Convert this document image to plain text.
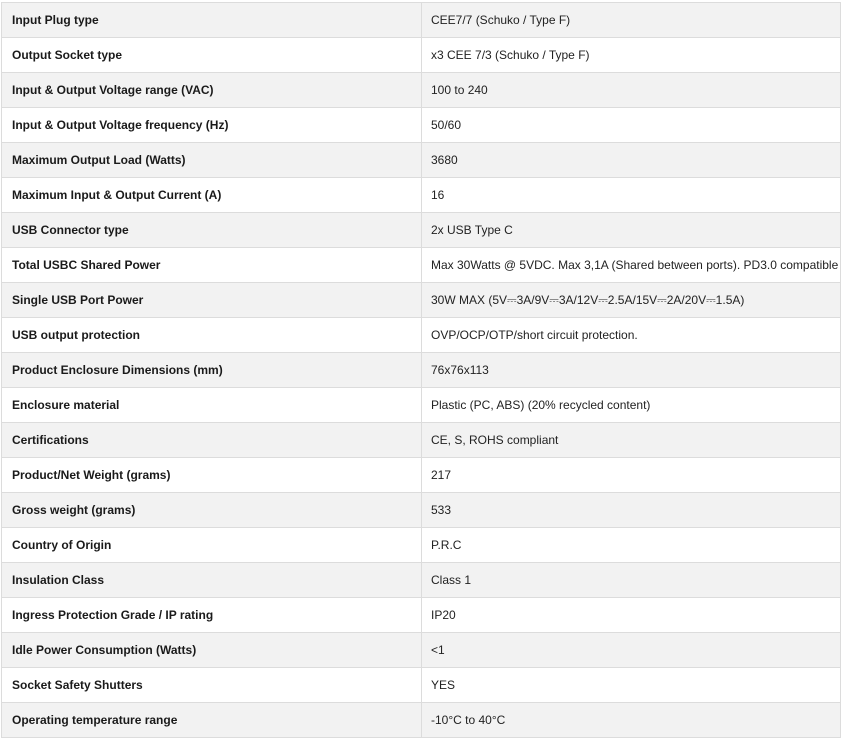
Input Plug type	CEE7/7 (Schuko / Type F)
Output Socket type	x3 CEE 7/3 (Schuko / Type F)
Input & Output Voltage range (VAC)	100 to 240
Input & Output Voltage frequency (Hz)	50/60
Maximum Output Load (Watts)	3680
Maximum Input & Output Current (A)	16
USB Connector type	2x USB Type C
Total USBC Shared Power	Max 30Watts @ 5VDC. Max 3,1A (Shared between ports). PD3.0 compatible
Single USB Port Power	30W MAX (5V⎓3A/9V⎓3A/12V⎓2.5A/15V⎓2A/20V⎓1.5A)
USB output protection	OVP/OCP/OTP/short circuit protection.
Product Enclosure Dimensions (mm)	76x76x113
Enclosure material	Plastic (PC, ABS) (20% recycled content)
Certifications	CE, S, ROHS compliant
Product/Net Weight (grams)	217
Gross weight (grams)	533
Country of Origin	P.R.C
Insulation Class	Class 1
Ingress Protection Grade / IP rating	IP20
Idle Power Consumption (Watts)	<1
Socket Safety Shutters	YES
Operating temperature range	-10°C to 40°C
